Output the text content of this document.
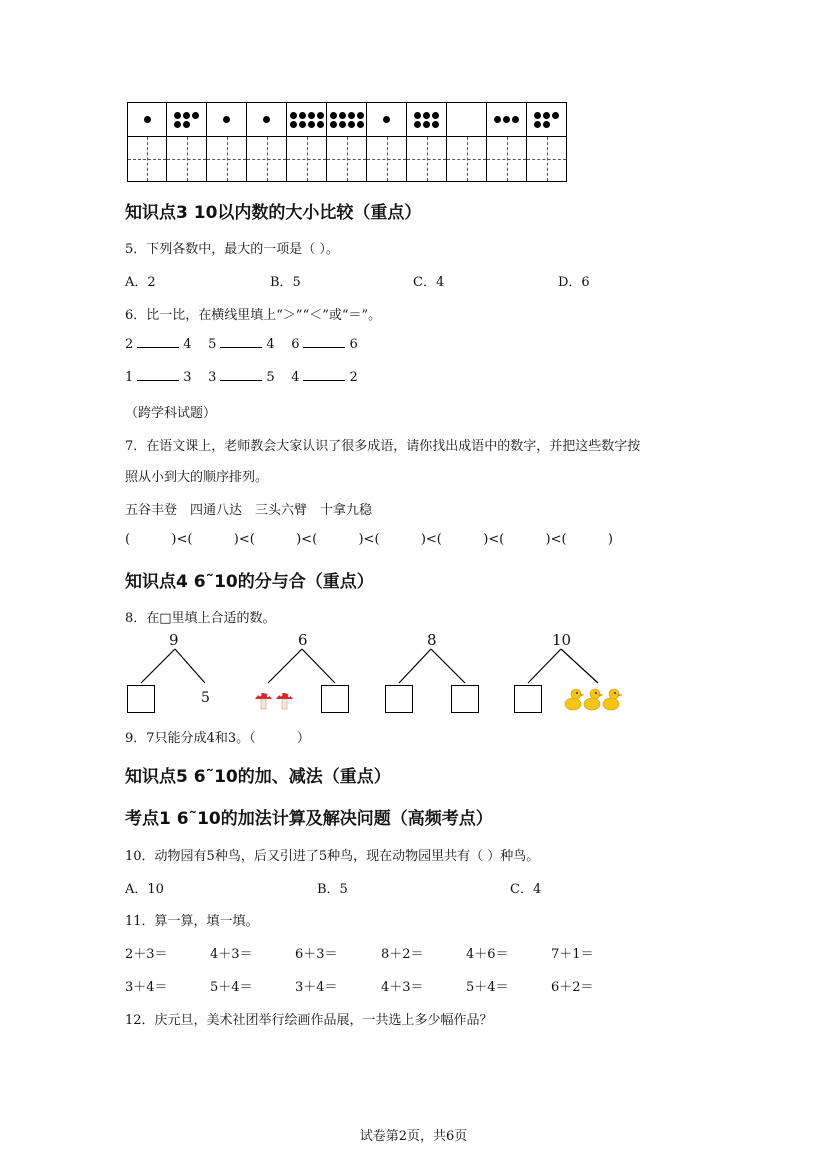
知识点3 10以内数的大小比较（重点）
5．下列各数中，最大的一项是（ ）。
A．2	B．5	C．4	D．6
6．比一比，在横线里填上“＞”“＜”或“＝”。
2	4 5	4 6	6
1	3 3	5 4	2
（跨学科试题）
7．在语文课上，老师教会大家认识了很多成语，请你找出成语中的数字，并把这些数字按
照从小到大的顺序排列。
五谷丰登　四通八达　三头六臂　十拿九稳
(          )<(          )<(          )<(          )<(          )<(          )<(          )<(          )
知识点4 6˜10的分与合（重点）
8．在□里填上合适的数。
9
5
6	8	10
9．7只能分成4和3。（          ）
知识点5 6˜10的加、减法（重点）
考点1 6˜10的加法计算及解决问题（高频考点）
10．动物园有5种鸟，后又引进了5种鸟，现在动物园里共有（ ）种鸟。
A．10	B．5	C．4
11．算一算，填一填。
2＋3＝	4＋3＝	6＋3＝	8＋2＝	4＋6＝	7＋1＝
3＋4＝	5＋4＝	3＋4＝	4＋3＝	5＋4＝	6＋2＝
12．庆元旦，美术社团举行绘画作品展，一共选上多少幅作品？
试卷第2页，共6页
